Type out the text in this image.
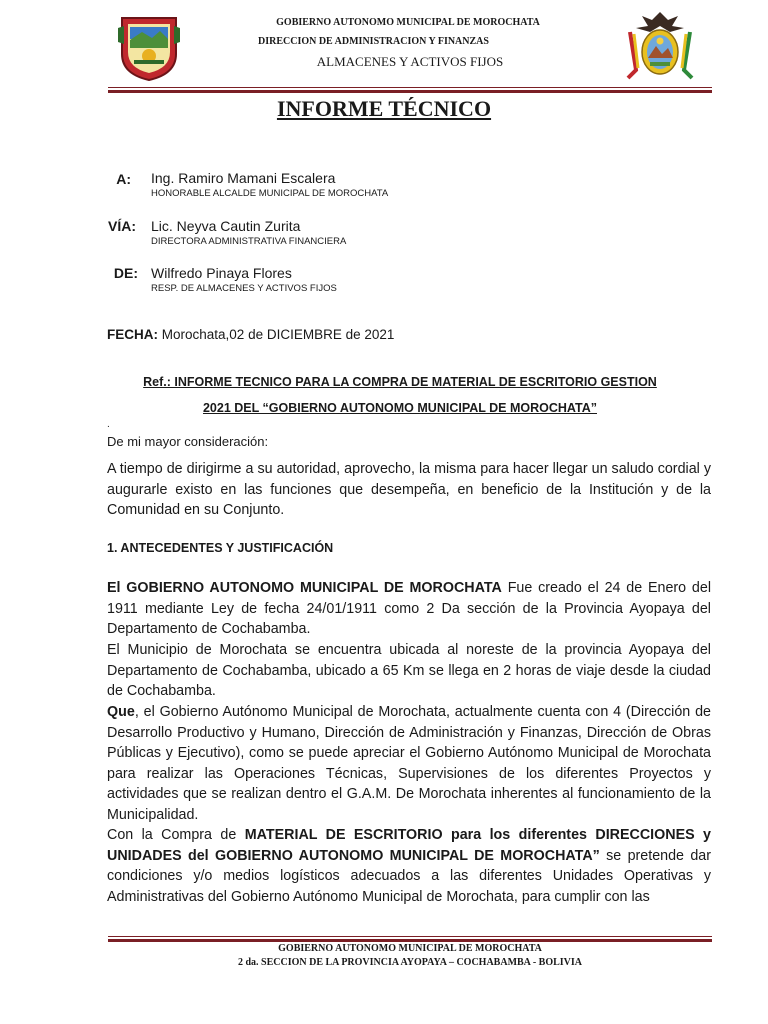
GOBIERNO AUTONOMO MUNICIPAL DE MOROCHATA
DIRECCION DE ADMINISTRACION Y FINANZAS
ALMACENES Y ACTIVOS FIJOS
INFORME TÉCNICO
A: Ing. Ramiro Mamani Escalera
HONORABLE ALCALDE MUNICIPAL DE MOROCHATA
VÍA: Lic. Neyva Cautin Zurita
DIRECTORA ADMINISTRATIVA FINANCIERA
DE: Wilfredo Pinaya Flores
RESP. DE ALMACENES Y ACTIVOS FIJOS
FECHA: Morochata,02 de DICIEMBRE de 2021
Ref.: INFORME TECNICO PARA LA COMPRA DE MATERIAL DE ESCRITORIO GESTION
2021 DEL “GOBIERNO AUTONOMO MUNICIPAL DE MOROCHATA”
.
De mi mayor consideración:
A tiempo de dirigirme a su autoridad, aprovecho, la misma para hacer llegar un saludo cordial y augurarle existo en las funciones que desempeña, en beneficio de la Institución y de la Comunidad en su Conjunto.
1. ANTECEDENTES Y JUSTIFICACIÓN
El GOBIERNO AUTONOMO MUNICIPAL DE MOROCHATA Fue creado el 24 de Enero del 1911 mediante Ley de fecha 24/01/1911 como 2 Da sección de la Provincia Ayopaya del Departamento de Cochabamba.
El Municipio de Morochata se encuentra ubicada al noreste de la provincia Ayopaya del Departamento de Cochabamba, ubicado a 65 Km se llega en 2 horas de viaje desde la ciudad de Cochabamba.
Que, el Gobierno Autónomo Municipal de Morochata, actualmente cuenta con 4 (Dirección de Desarrollo Productivo y Humano, Dirección de Administración y Finanzas, Dirección de Obras Públicas y Ejecutivo), como se puede apreciar el Gobierno Autónomo Municipal de Morochata para realizar las Operaciones Técnicas, Supervisiones de los diferentes Proyectos y actividades que se realizan dentro el G.A.M. De Morochata inherentes al funcionamiento de la Municipalidad.
Con la Compra de MATERIAL DE ESCRITORIO para los diferentes DIRECCIONES y UNIDADES del GOBIERNO AUTONOMO MUNICIPAL DE MOROCHATA” se pretende dar condiciones y/o medios logísticos adecuados a las diferentes Unidades Operativas y Administrativas del Gobierno Autónomo Municipal de Morochata, para cumplir con las
GOBIERNO AUTONOMO MUNICIPAL DE MOROCHATA
2 da. SECCION DE LA PROVINCIA AYOPAYA – COCHABAMBA - BOLIVIA
